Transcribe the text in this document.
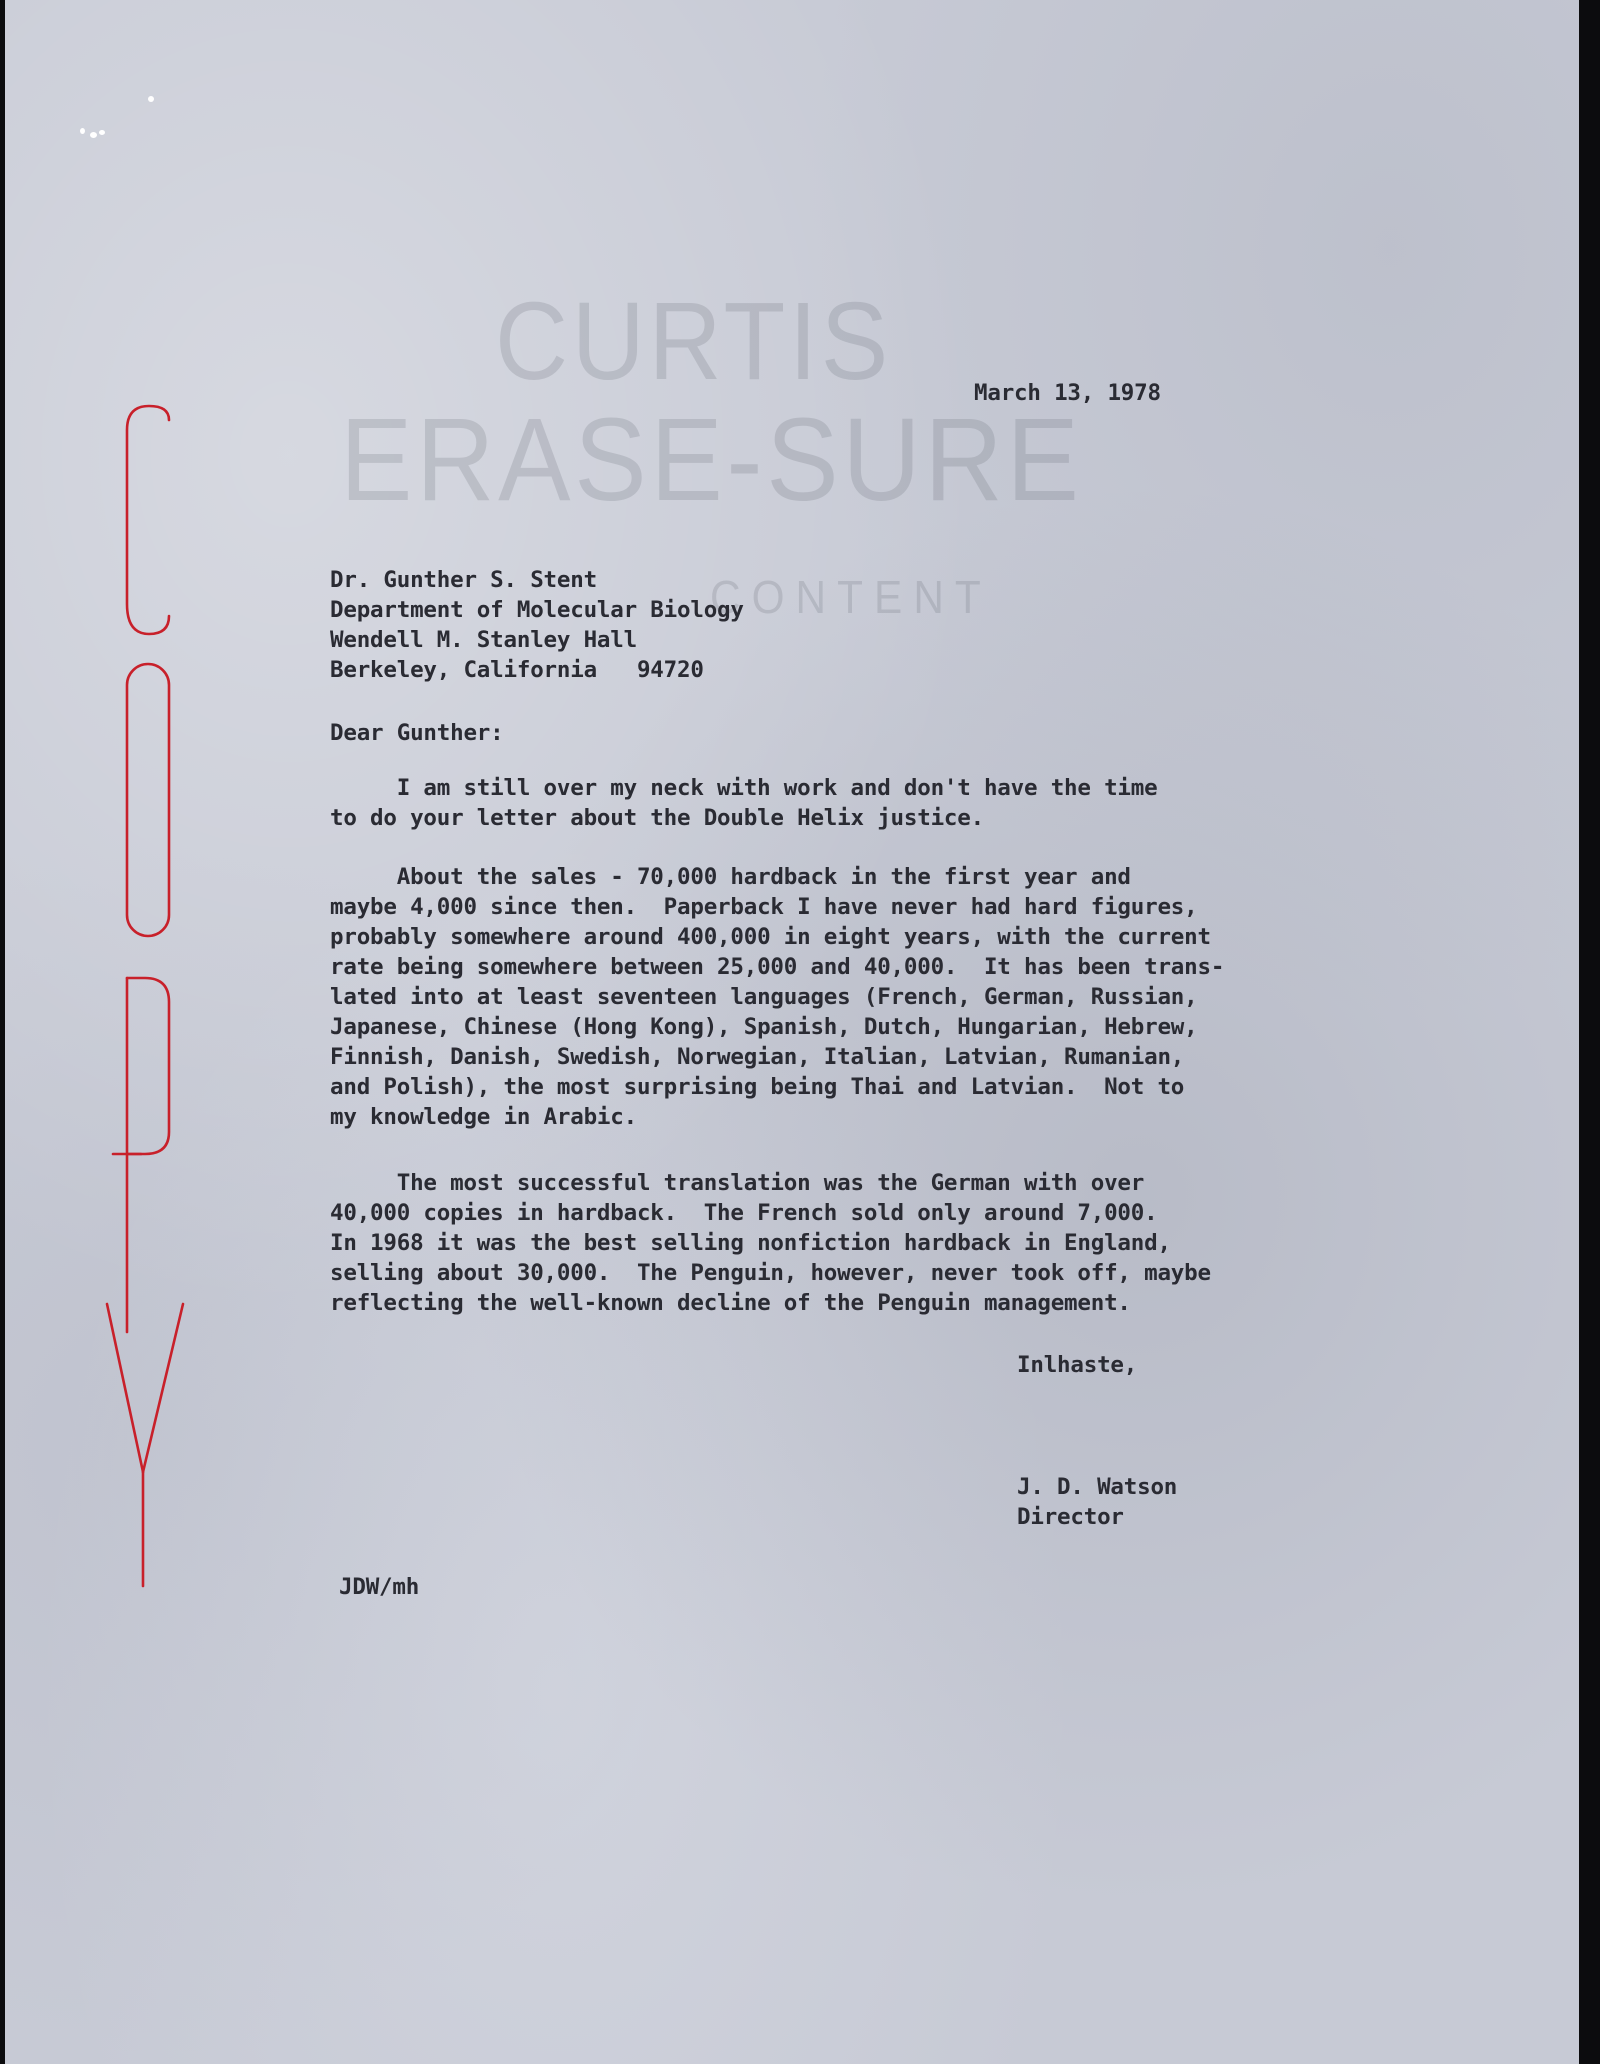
CURTIS
ERASE-SURE
CONTENT
March 13, 1978
Dr. Gunther S. Stent
Department of Molecular Biology
Wendell M. Stanley Hall
Berkeley, California   94720
Dear Gunther:
I am still over my neck with work and don't have the time
to do your letter about the Double Helix justice.
About the sales - 70,000 hardback in the first year and
maybe 4,000 since then.  Paperback I have never had hard figures,
probably somewhere around 400,000 in eight years, with the current
rate being somewhere between 25,000 and 40,000.  It has been trans-
lated into at least seventeen languages (French, German, Russian,
Japanese, Chinese (Hong Kong), Spanish, Dutch, Hungarian, Hebrew,
Finnish, Danish, Swedish, Norwegian, Italian, Latvian, Rumanian,
and Polish), the most surprising being Thai and Latvian.  Not to
my knowledge in Arabic.
The most successful translation was the German with over
40,000 copies in hardback.  The French sold only around 7,000.
In 1968 it was the best selling nonfiction hardback in England,
selling about 30,000.  The Penguin, however, never took off, maybe
reflecting the well-known decline of the Penguin management.
Inlhaste,
J. D. Watson
Director
JDW/mh
